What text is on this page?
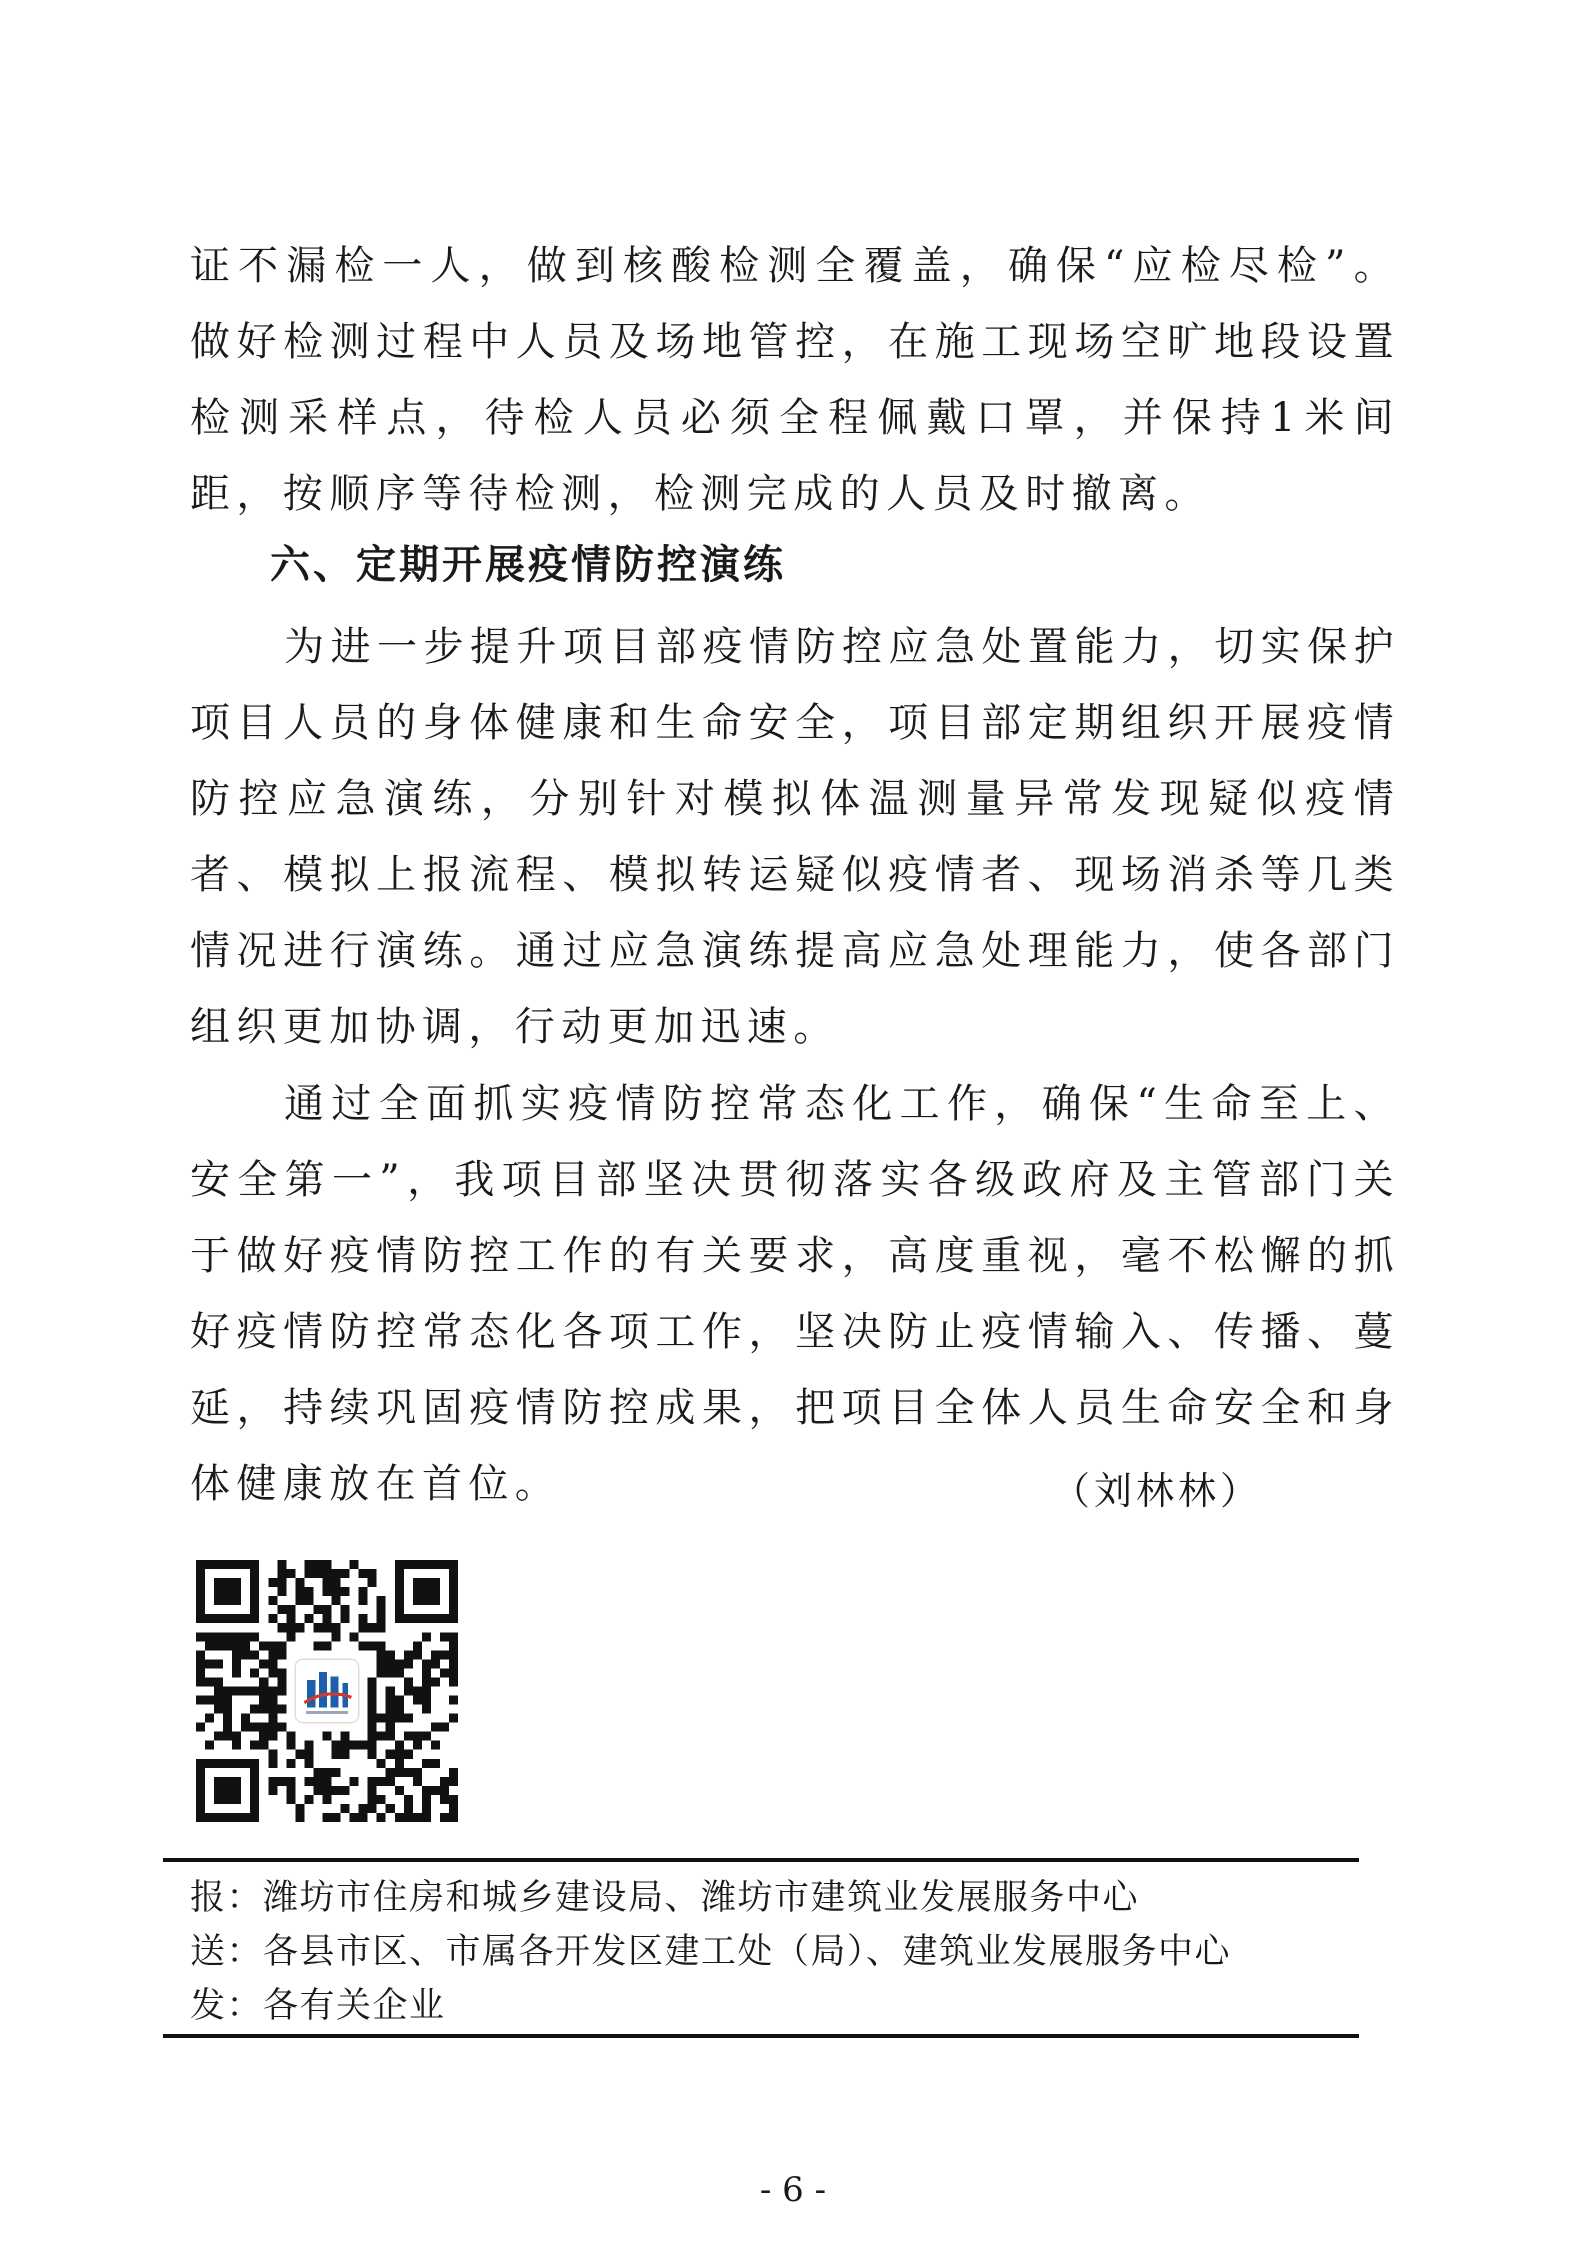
证不漏检一人，做到核酸检测全覆盖，确保“应检尽检”。做好检测过程中人员及场地管控，在施工现场空旷地段设置检测采样点，待检人员必须全程佩戴口罩，并保持1米间距，按顺序等待检测，检测完成的人员及时撤离。

六、定期开展疫情防控演练

为进一步提升项目部疫情防控应急处置能力，切实保护项目人员的身体健康和生命安全，项目部定期组织开展疫情防控应急演练，分别针对模拟体温测量异常发现疑似疫情者、模拟上报流程、模拟转运疑似疫情者、现场消杀等几类情况进行演练。通过应急演练提高应急处理能力，使各部门组织更加协调，行动更加迅速。

通过全面抓实疫情防控常态化工作，确保“生命至上、安全第一”，我项目部坚决贯彻落实各级政府及主管部门关于做好疫情防控工作的有关要求，高度重视，毫不松懈的抓好疫情防控常态化各项工作，坚决防止疫情输入、传播、蔓延，持续巩固疫情防控成果，把项目全体人员生命安全和身体健康放在首位。	（刘林林）

报：潍坊市住房和城乡建设局、潍坊市建筑业发展服务中心

送：各县市区、市属各开发区建工处（局）、建筑业发展服务中心

发：各有关企业

- 6 -
